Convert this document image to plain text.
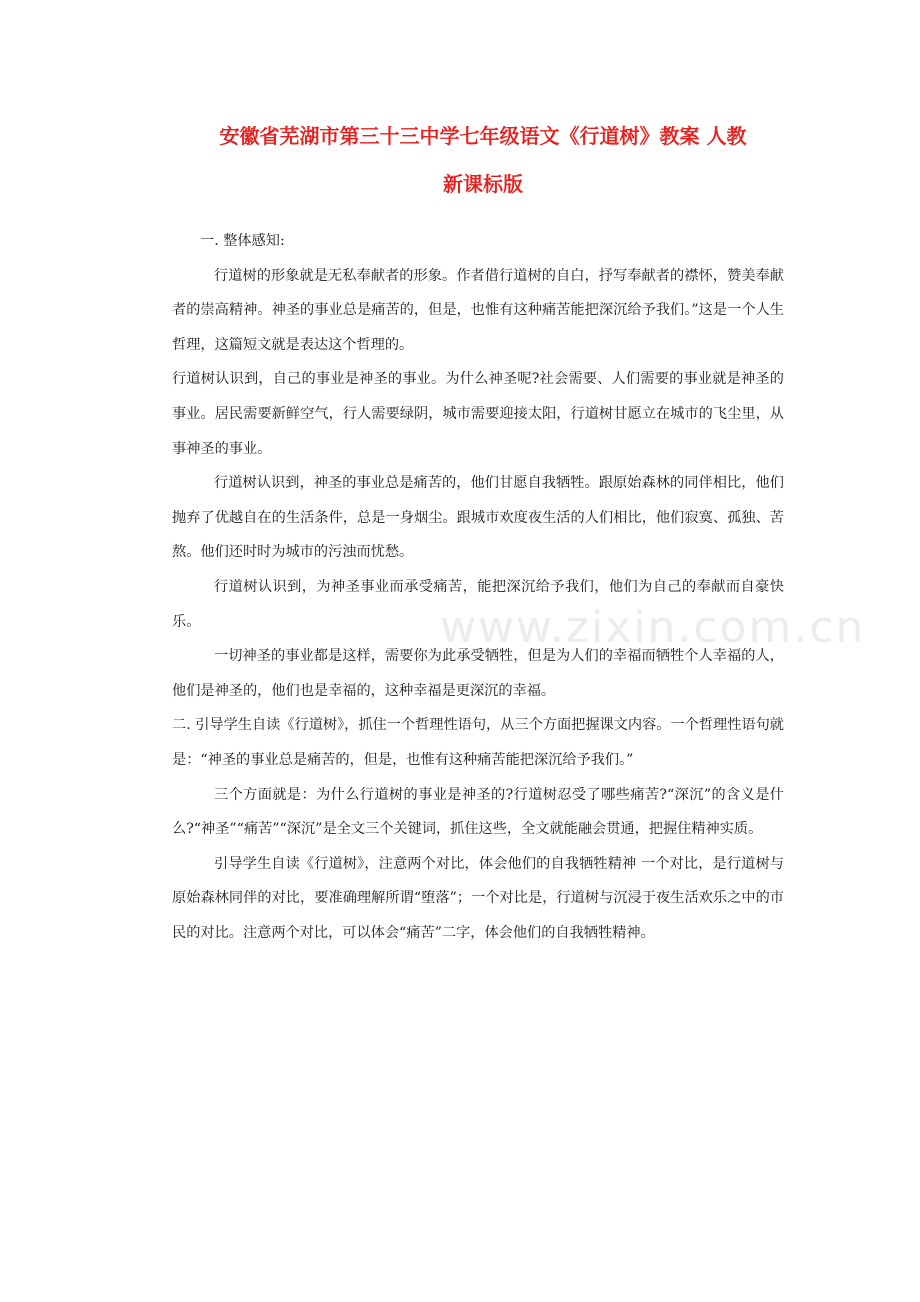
安徽省芜湖市第三十三中学七年级语文《行道树》教案 人教
新课标版
www.zixin.com.cn

一. 整体感知:

行道树的形象就是无私奉献者的形象。作者借行道树的自白，抒写奉献者的襟怀，赞美奉献者的崇高精神。神圣的事业总是痛苦的，但是，也惟有这种痛苦能把深沉给予我们。”这是一个人生哲理，这篇短文就是表达这个哲理的。

行道树认识到，自己的事业是神圣的事业。为什么神圣呢?社会需要、人们需要的事业就是神圣的事业。居民需要新鲜空气，行人需要绿阴，城市需要迎接太阳，行道树甘愿立在城市的飞尘里，从事神圣的事业。

行道树认识到，神圣的事业总是痛苦的，他们甘愿自我牺牲。跟原始森林的同伴相比，他们抛弃了优越自在的生活条件，总是一身烟尘。跟城市欢度夜生活的人们相比，他们寂寞、孤独、苦熬。他们还时时为城市的污浊而忧愁。

行道树认识到，为神圣事业而承受痛苦，能把深沉给予我们，他们为自己的奉献而自豪快乐。

一切神圣的事业都是这样，需要你为此承受牺牲，但是为人们的幸福而牺牲个人幸福的人，他们是神圣的，他们也是幸福的，这种幸福是更深沉的幸福。

二. 引导学生自读《行道树》，抓住一个哲理性语句，从三个方面把握课文内容。一个哲理性语句就是：“神圣的事业总是痛苦的，但是，也惟有这种痛苦能把深沉给予我们。”

三个方面就是：为什么行道树的事业是神圣的?行道树忍受了哪些痛苦?“深沉”的含义是什么?“神圣”“痛苦”“深沉”是全文三个关键词，抓住这些，全文就能融会贯通，把握住精神实质。

引导学生自读《行道树》，注意两个对比，体会他们的自我牺牲精神 一个对比，是行道树与原始森林同伴的对比，要准确理解所谓“堕落”；一个对比是，行道树与沉浸于夜生活欢乐之中的市民的对比。注意两个对比，可以体会“痛苦”二字，体会他们的自我牺牲精神。
